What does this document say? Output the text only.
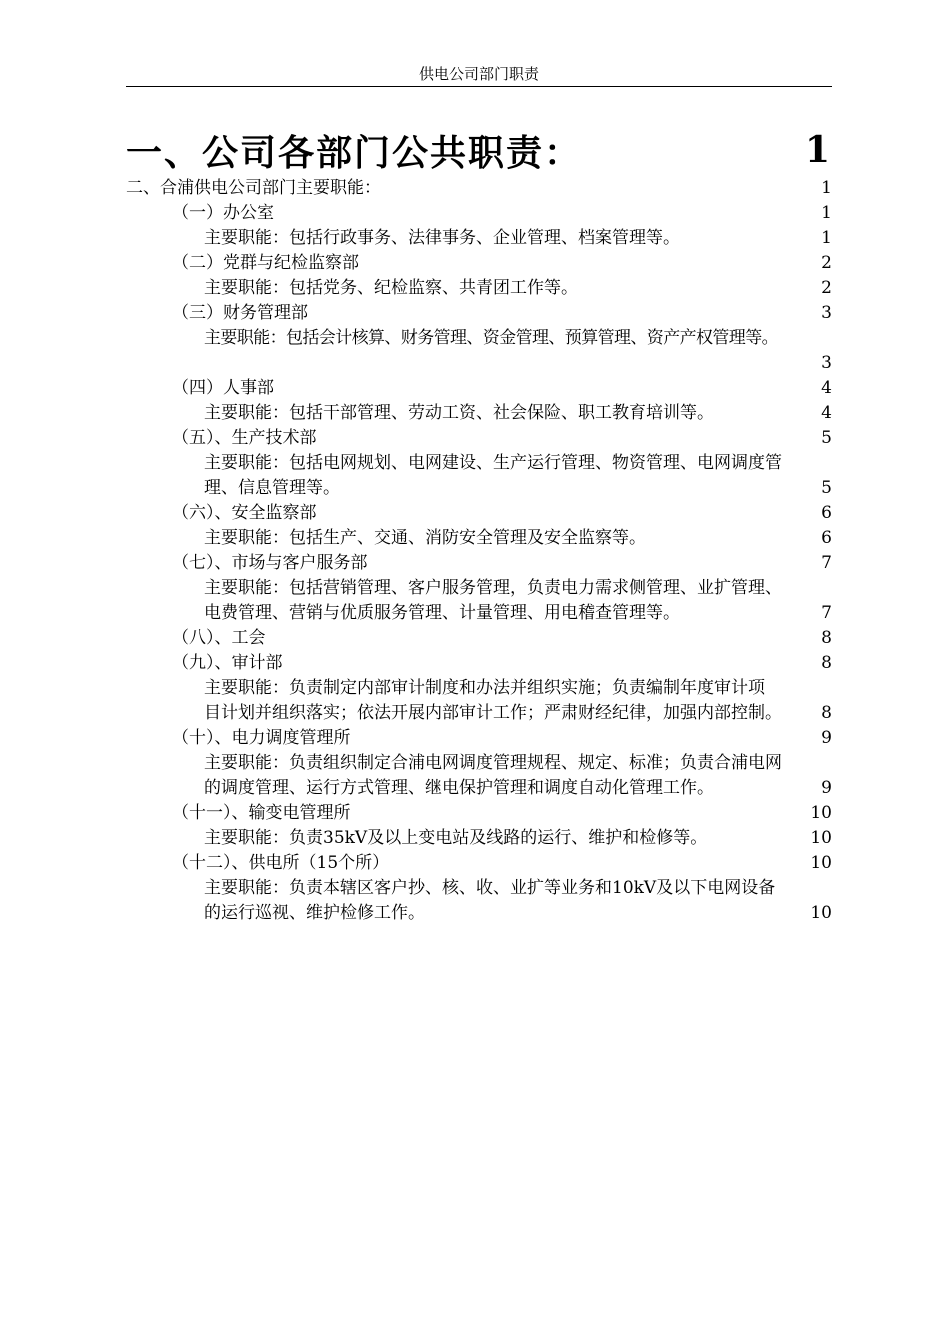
供电公司部门职责
一、公司各部门公共职责：	1
二、合浦供电公司部门主要职能：	1
（一）办公室	1
主要职能：包括行政事务、法律事务、企业管理、档案管理等。	1
（二）党群与纪检监察部	2
主要职能：包括党务、纪检监察、共青团工作等。	2
（三）财务管理部	3
主要职能：包括会计核算、财务管理、资金管理、预算管理、资产产权管理等。
3
（四）人事部	4
主要职能：包括干部管理、劳动工资、社会保险、职工教育培训等。	4
（五）、生产技术部	5
主要职能：包括电网规划、电网建设、生产运行管理、物资管理、电网调度管
理、信息管理等。	5
（六）、安全监察部	6
主要职能：包括生产、交通、消防安全管理及安全监察等。	6
（七）、市场与客户服务部	7
主要职能：包括营销管理、客户服务管理，负责电力需求侧管理、业扩管理、
电费管理、营销与优质服务管理、计量管理、用电稽查管理等。	7
（八）、工会	8
（九）、审计部	8
主要职能：负责制定内部审计制度和办法并组织实施；负责编制年度审计项
目计划并组织落实；依法开展内部审计工作；严肃财经纪律，加强内部控制。	8
（十）、电力调度管理所	9
主要职能：负责组织制定合浦电网调度管理规程、规定、标准；负责合浦电网
的调度管理、运行方式管理、继电保护管理和调度自动化管理工作。	9
（十一）、输变电管理所	10
主要职能：负责35kV及以上变电站及线路的运行、维护和检修等。	10
（十二）、供电所（15个所）	10
主要职能：负责本辖区客户抄、核、收、业扩等业务和10kV及以下电网设备
的运行巡视、维护检修工作。	10
